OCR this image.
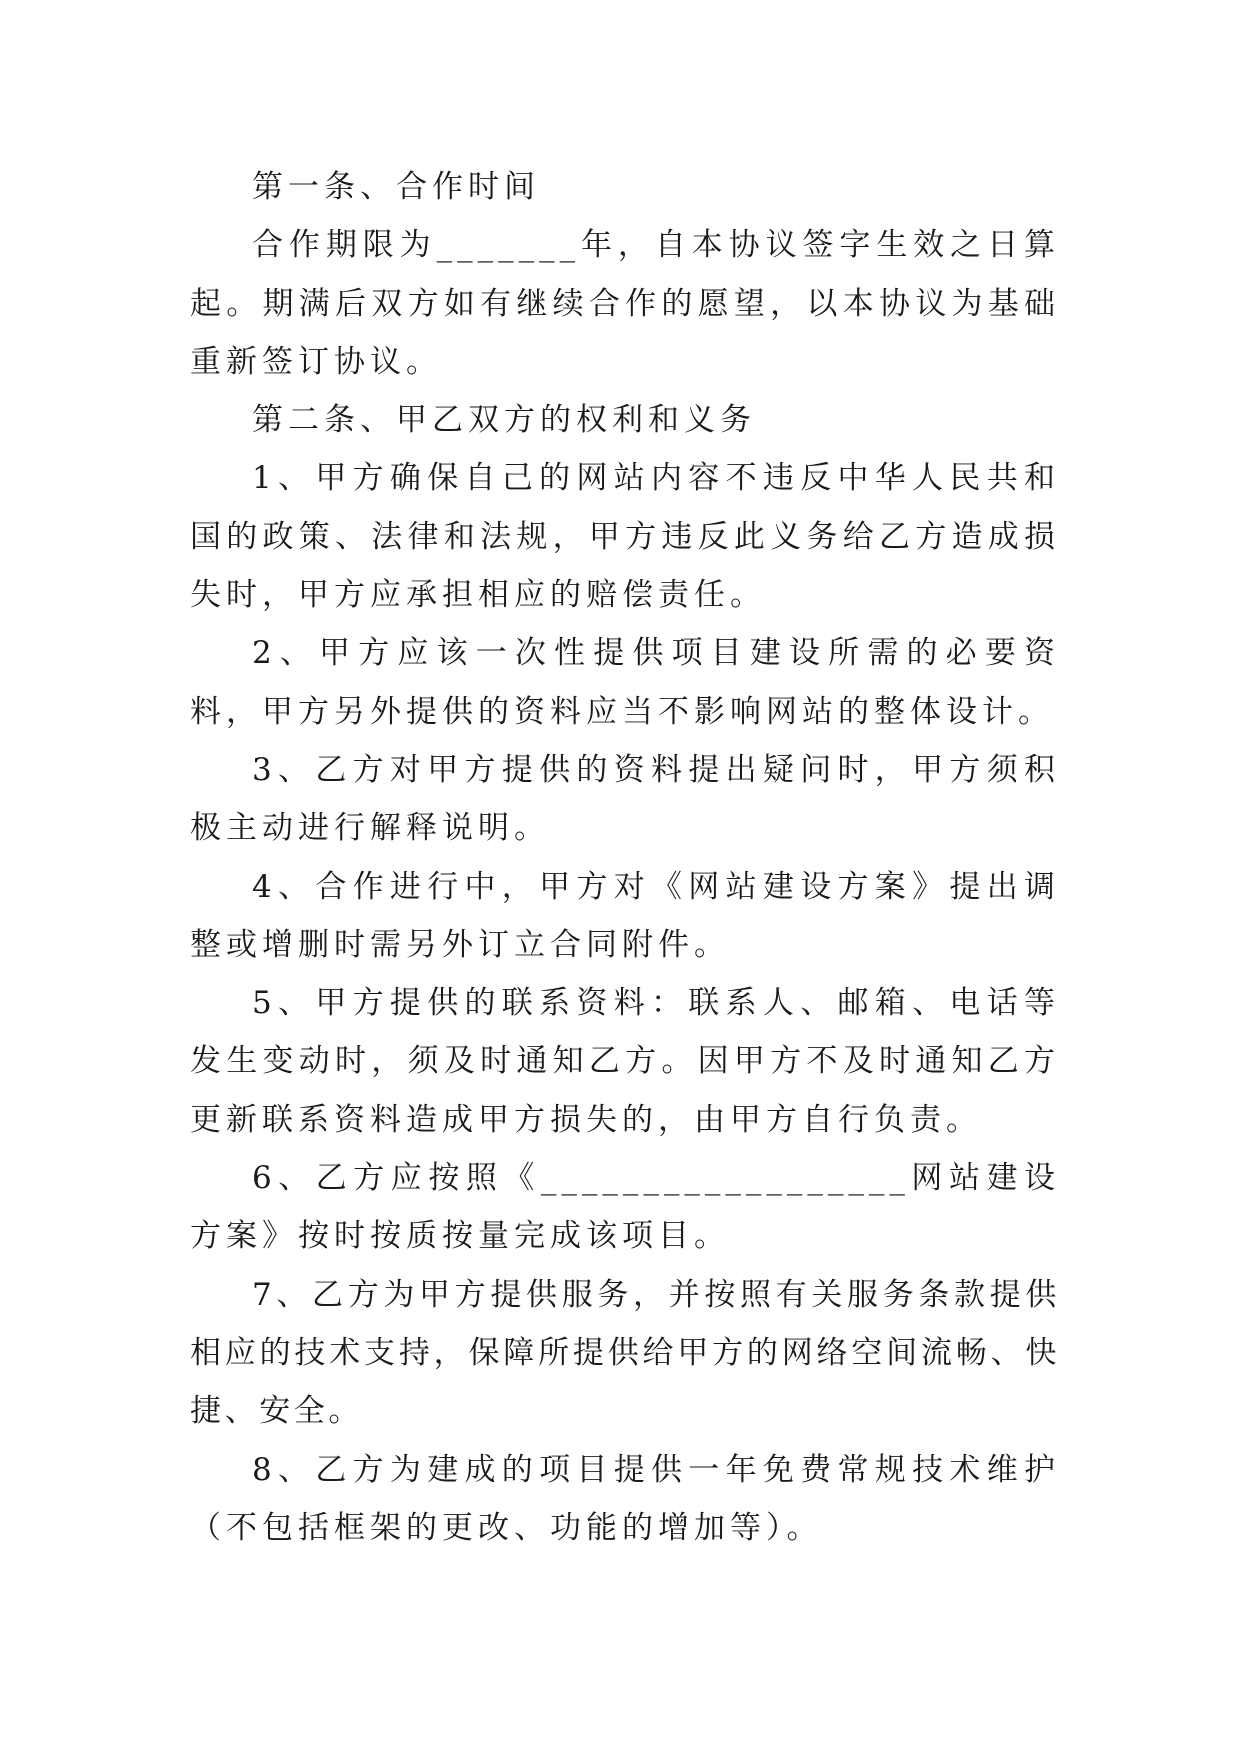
第一条、合作时间

合作期限为_______年，自本协议签字生效之日算起。期满后双方如有继续合作的愿望，以本协议为基础重新签订协议。

第二条、甲乙双方的权利和义务

1、甲方确保自己的网站内容不违反中华人民共和国的政策、法律和法规，甲方违反此义务给乙方造成损失时，甲方应承担相应的赔偿责任。

2、甲方应该一次性提供项目建设所需的必要资料，甲方另外提供的资料应当不影响网站的整体设计。

3、乙方对甲方提供的资料提出疑问时，甲方须积极主动进行解释说明。

4、合作进行中，甲方对《网站建设方案》提出调整或增删时需另外订立合同附件。

5、甲方提供的联系资料：联系人、邮箱、电话等发生变动时，须及时通知乙方。因甲方不及时通知乙方更新联系资料造成甲方损失的，由甲方自行负责。

6、乙方应按照《__________________网站建设方案》按时按质按量完成该项目。

7、乙方为甲方提供服务，并按照有关服务条款提供相应的技术支持，保障所提供给甲方的网络空间流畅、快捷、安全。

8、乙方为建成的项目提供一年免费常规技术维护（不包括框架的更改、功能的增加等）。
